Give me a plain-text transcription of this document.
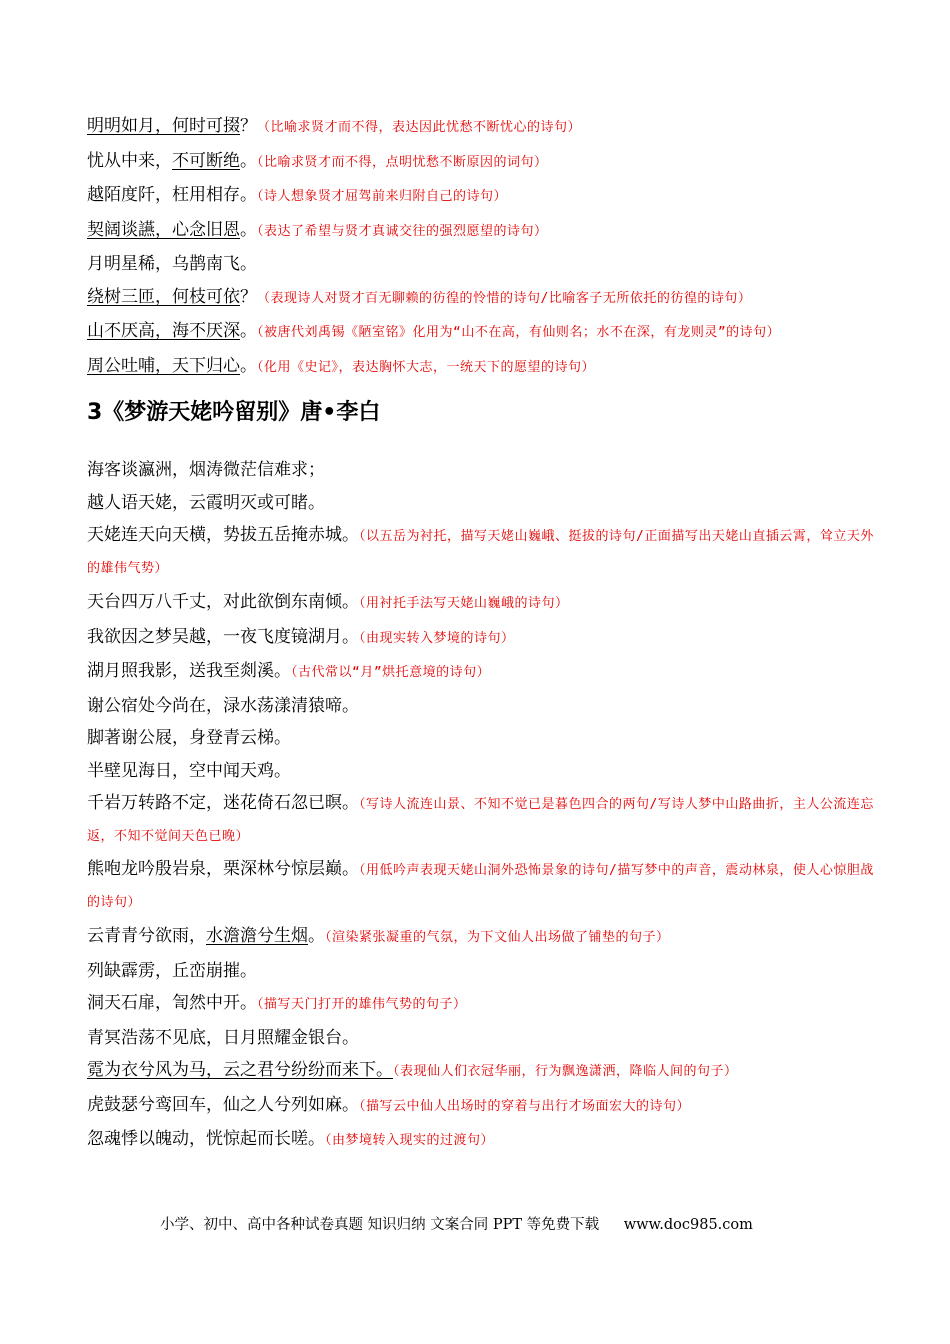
明明如月，何时可掇？（比喻求贤才而不得，表达因此忧愁不断忧心的诗句）
忧从中来，不可断绝。（比喻求贤才而不得，点明忧愁不断原因的词句）
越陌度阡，枉用相存。（诗人想象贤才屈驾前来归附自己的诗句）
契阔谈讌，心念旧恩。（表达了希望与贤才真诚交往的强烈愿望的诗句）
月明星稀，乌鹊南飞。
绕树三匝，何枝可依？（表现诗人对贤才百无聊赖的彷徨的怜惜的诗句/比喻客子无所依托的彷徨的诗句）
山不厌高，海不厌深。（被唐代刘禹锡《陋室铭》化用为“山不在高，有仙则名；水不在深，有龙则灵”的诗句）
周公吐哺，天下归心。（化用《史记》，表达胸怀大志，一统天下的愿望的诗句）
3《梦游天姥吟留别》唐•李白
海客谈瀛洲，烟涛微茫信难求；
越人语天姥，云霞明灭或可睹。
天姥连天向天横，势拔五岳掩赤城。（以五岳为衬托，描写天姥山巍峨、挺拔的诗句/正面描写出天姥山直插云霄，耸立天外的雄伟气势）
天台四万八千丈，对此欲倒东南倾。（用衬托手法写天姥山巍峨的诗句）
我欲因之梦吴越，一夜飞度镜湖月。（由现实转入梦境的诗句）
湖月照我影，送我至剡溪。（古代常以“月”烘托意境的诗句）
谢公宿处今尚在，渌水荡漾清猿啼。
脚著谢公屐，身登青云梯。
半壁见海日，空中闻天鸡。
千岩万转路不定，迷花倚石忽已暝。（写诗人流连山景、不知不觉已是暮色四合的两句/写诗人梦中山路曲折，主人公流连忘返，不知不觉间天色已晚）
熊咆龙吟殷岩泉，栗深林兮惊层巅。（用低吟声表现天姥山洞外恐怖景象的诗句/描写梦中的声音，震动林泉，使人心惊胆战的诗句）
云青青兮欲雨，水澹澹兮生烟。（渲染紧张凝重的气氛，为下文仙人出场做了铺垫的句子）
列缺霹雳，丘峦崩摧。
洞天石扉，訇然中开。（描写天门打开的雄伟气势的句子）
青冥浩荡不见底，日月照耀金银台。
霓为衣兮风为马，云之君兮纷纷而来下。（表现仙人们衣冠华丽，行为飘逸潇洒，降临人间的句子）
虎鼓瑟兮鸾回车，仙之人兮列如麻。（描写云中仙人出场时的穿着与出行才场面宏大的诗句）
忽魂悸以魄动，恍惊起而长嗟。（由梦境转入现实的过渡句）
小学、初中、高中各种试卷真题 知识归纳 文案合同 PPT 等免费下载 www.doc985.com
